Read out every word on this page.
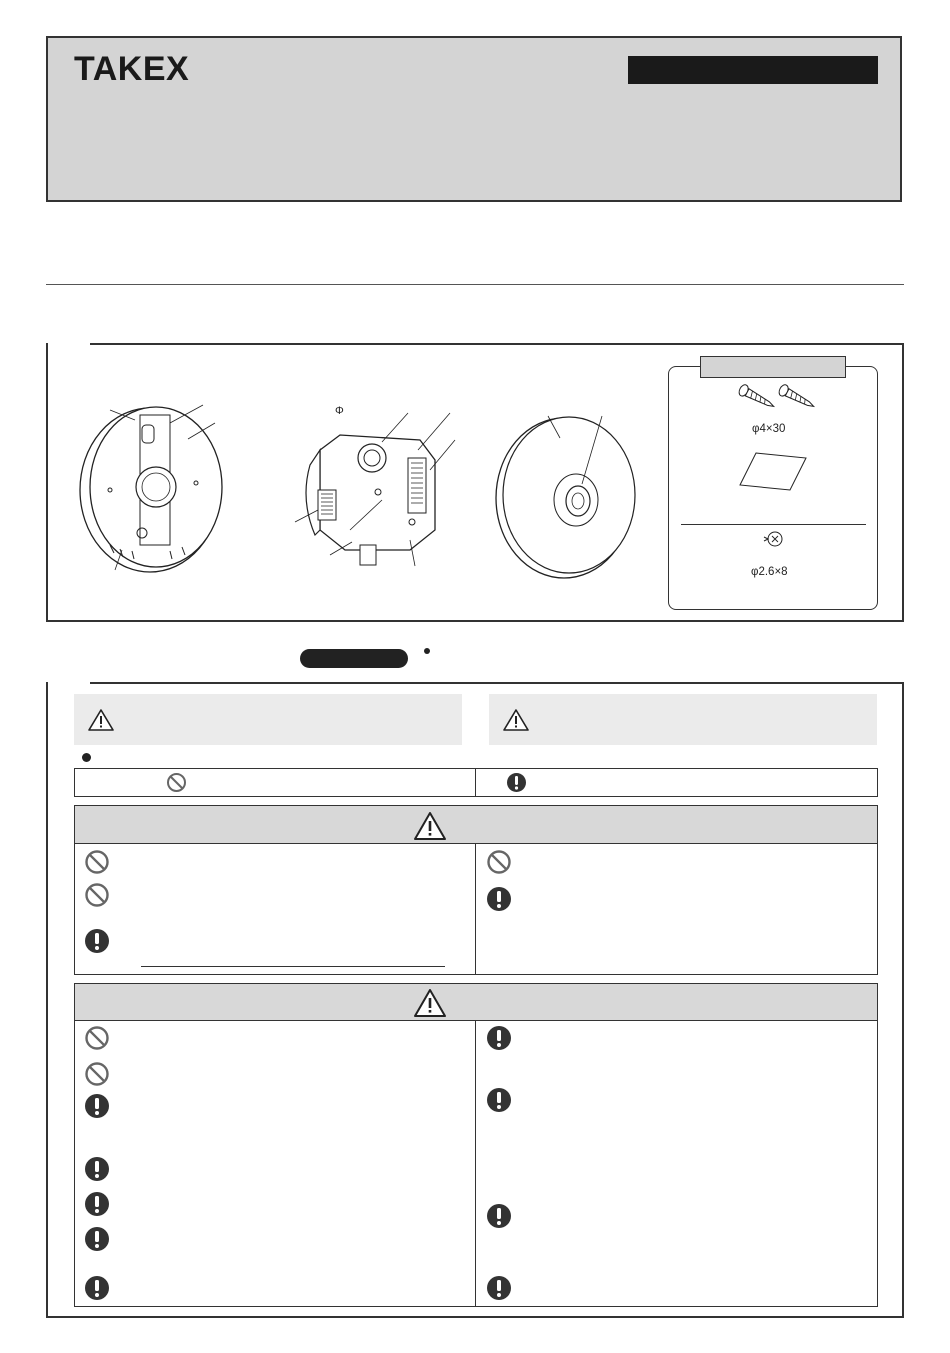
TAKEX
Φ
φ4×30
φ2.6×8
